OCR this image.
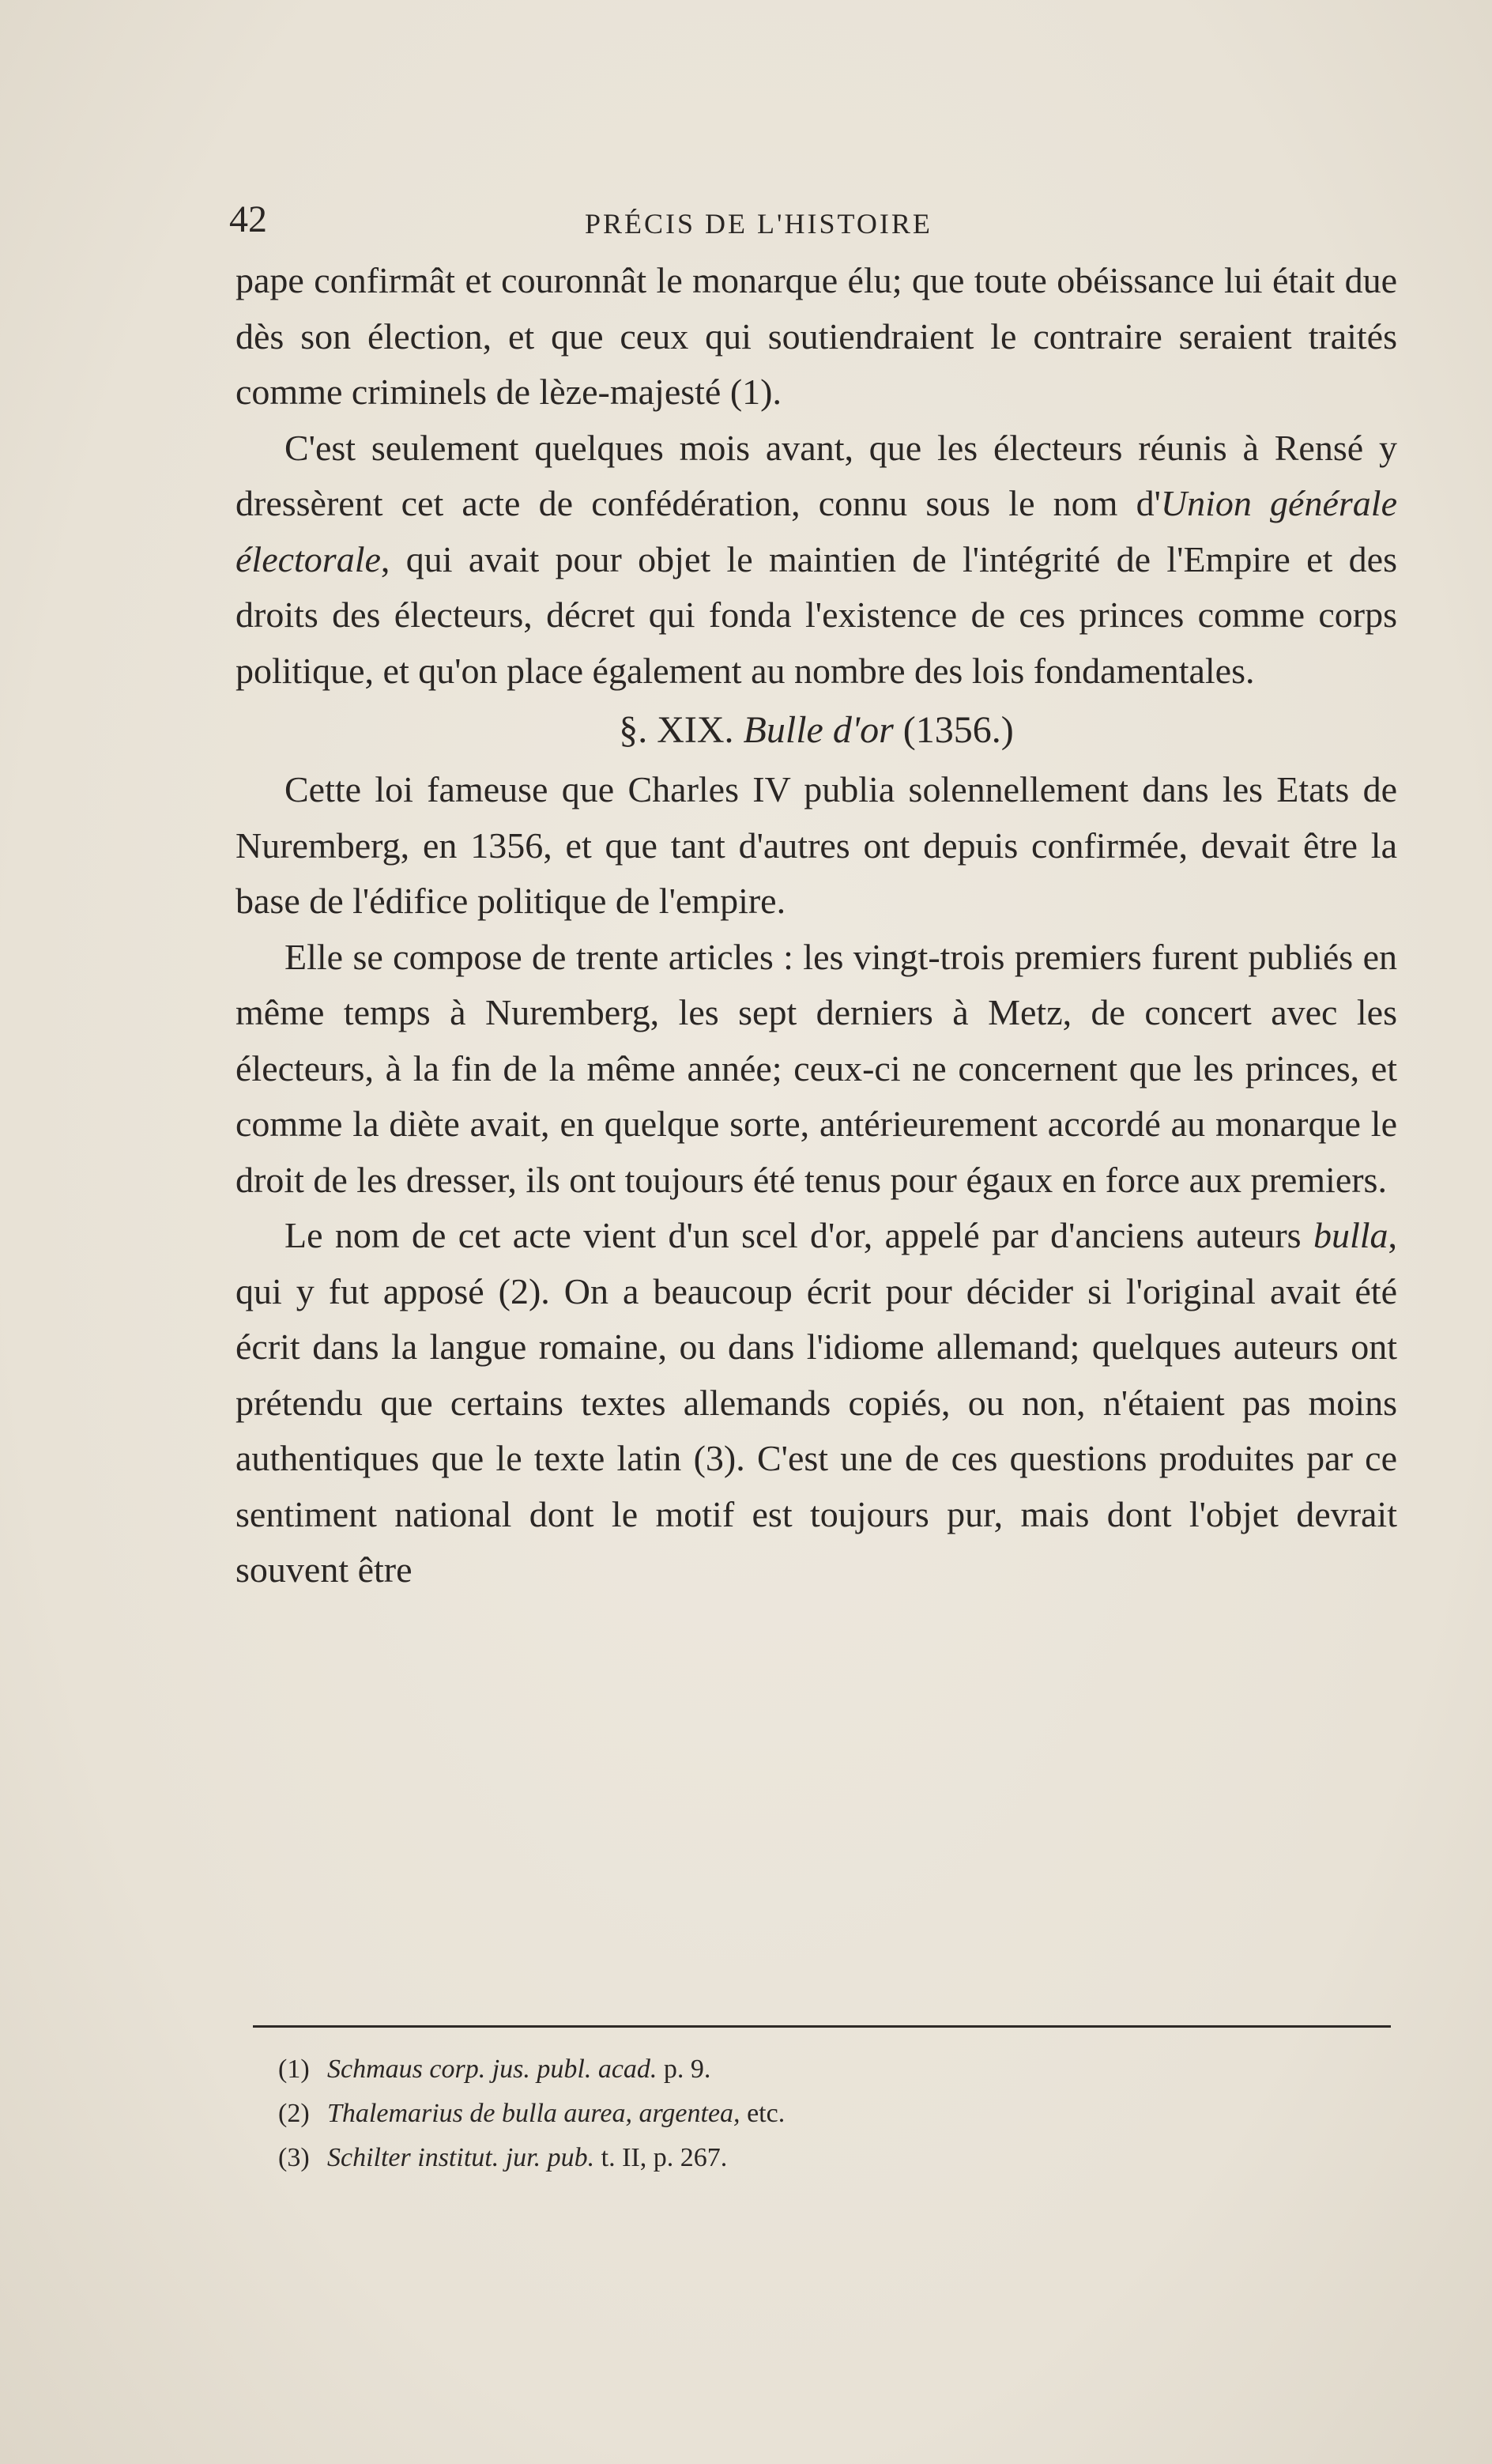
42	PRÉCIS DE L'HISTOIRE

pape confirmât et couronnât le monarque élu; que toute obéissance lui était due dès son élection, et que ceux qui soutiendraient le contraire seraient traités comme criminels de lèze-majesté (1).

C'est seulement quelques mois avant, que les électeurs réunis à Rensé y dressèrent cet acte de confédération, connu sous le nom d'Union générale électorale, qui avait pour objet le maintien de l'intégrité de l'Empire et des droits des électeurs, décret qui fonda l'existence de ces princes comme corps politique, et qu'on place également au nombre des lois fondamentales.

§. XIX. Bulle d'or (1356.)

Cette loi fameuse que Charles IV publia solennellement dans les Etats de Nuremberg, en 1356, et que tant d'autres ont depuis confirmée, devait être la base de l'édifice politique de l'empire.

Elle se compose de trente articles : les vingt-trois premiers furent publiés en même temps à Nuremberg, les sept derniers à Metz, de concert avec les électeurs, à la fin de la même année; ceux-ci ne concernent que les princes, et comme la diète avait, en quelque sorte, antérieurement accordé au monarque le droit de les dresser, ils ont toujours été tenus pour égaux en force aux premiers.

Le nom de cet acte vient d'un scel d'or, appelé par d'anciens auteurs bulla, qui y fut apposé (2). On a beaucoup écrit pour décider si l'original avait été écrit dans la langue romaine, ou dans l'idiome allemand; quelques auteurs ont prétendu que certains textes allemands copiés, ou non, n'étaient pas moins authentiques que le texte latin (3). C'est une de ces questions produites par ce sentiment national dont le motif est toujours pur, mais dont l'objet devrait souvent être

(1) Schmaus corp. jus. publ. acad. p. 9.

(2) Thalemarius de bulla aurea, argentea, etc.

(3) Schilter institut. jur. pub. t. II, p. 267.
